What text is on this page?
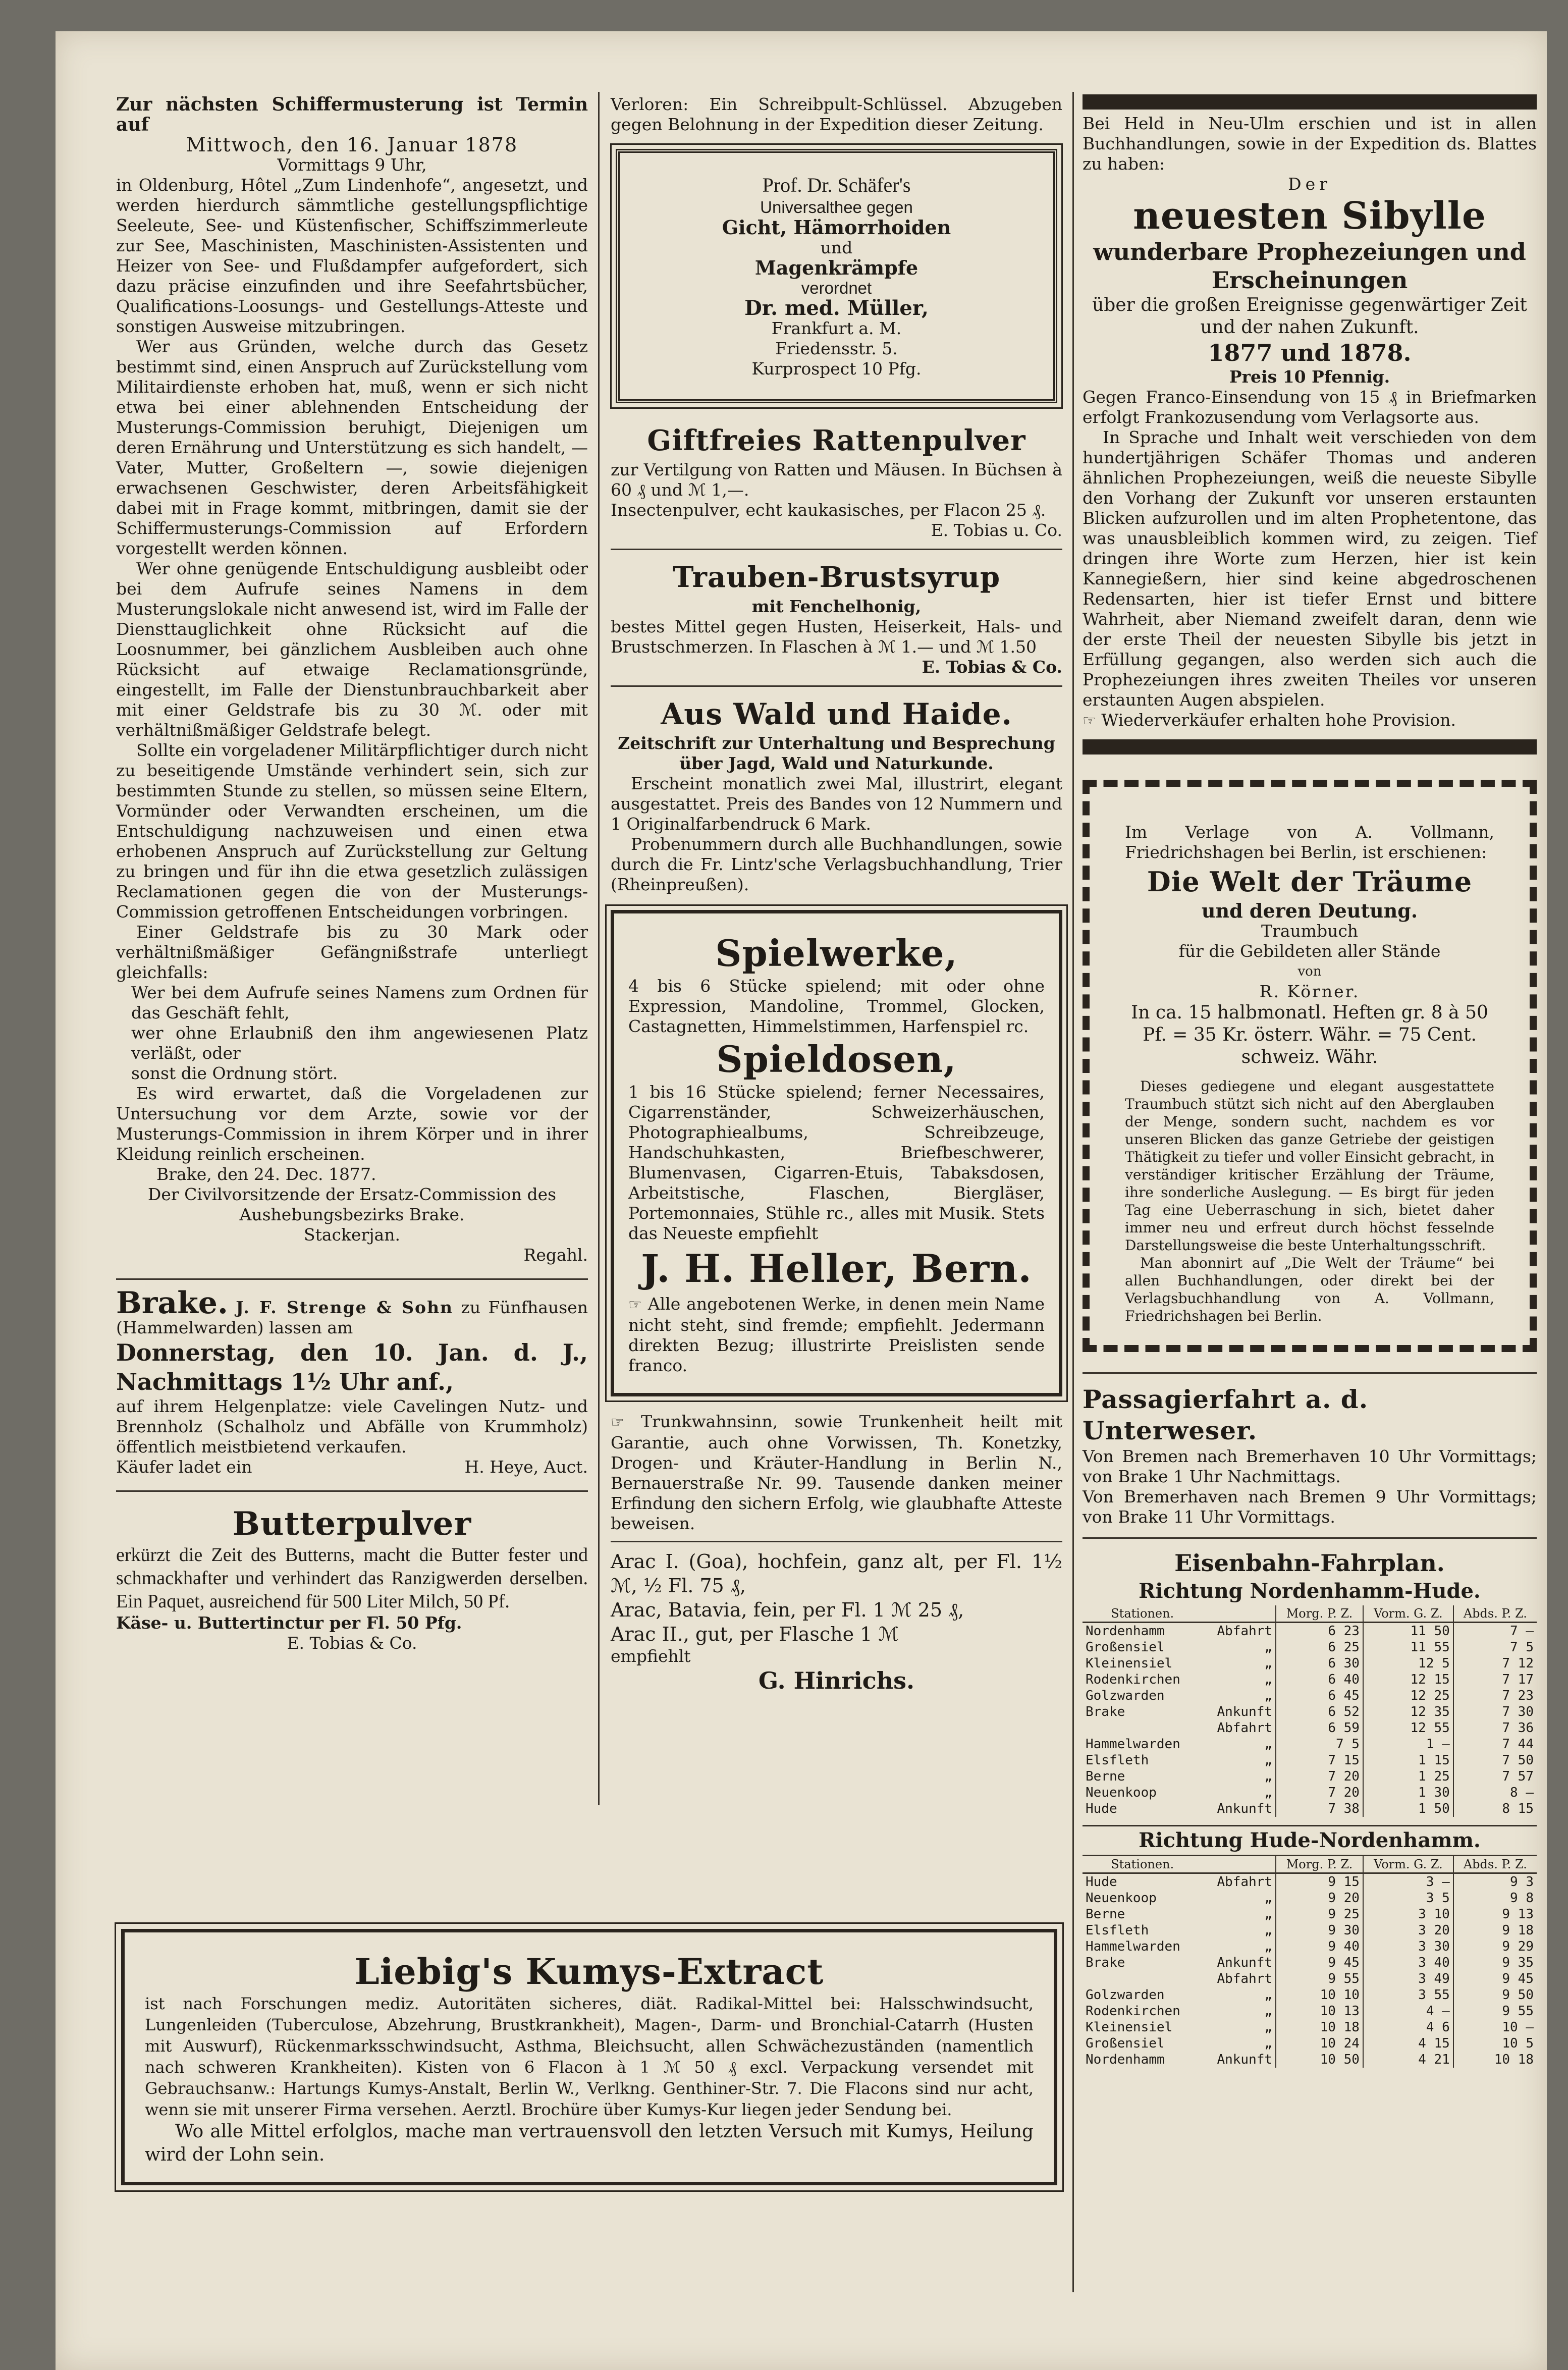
Zur nächsten Schiffermusterung ist Termin auf

Mittwoch, den 16. Januar 1878

Vormittags 9 Uhr,

in Oldenburg, Hôtel „Zum Lindenhofe“, angesetzt, und werden hierdurch sämmtliche gestellungspflichtige Seeleute, See- und Küstenfischer, Schiffszimmerleute zur See, Maschinisten, Maschinisten-Assistenten und Heizer von See- und Flußdampfer aufgefordert, sich dazu präcise einzufinden und ihre Seefahrtsbücher, Qualifications-Loosungs- und Gestellungs-Atteste und sonstigen Ausweise mitzubringen.

Wer aus Gründen, welche durch das Gesetz bestimmt sind, einen Anspruch auf Zurückstellung vom Militairdienste erhoben hat, muß, wenn er sich nicht etwa bei einer ablehnenden Entscheidung der Musterungs-Commission beruhigt, Diejenigen um deren Ernährung und Unterstützung es sich handelt, — Vater, Mutter, Großeltern —, sowie diejenigen erwachsenen Geschwister, deren Arbeitsfähigkeit dabei mit in Frage kommt, mitbringen, damit sie der Schiffermusterungs-Commission auf Erfordern vorgestellt werden können.

Wer ohne genügende Entschuldigung ausbleibt oder bei dem Aufrufe seines Namens in dem Musterungslokale nicht anwesend ist, wird im Falle der Diensttauglichkeit ohne Rücksicht auf die Loosnummer, bei gänzlichem Ausbleiben auch ohne Rücksicht auf etwaige Reclamationsgründe, eingestellt, im Falle der Dienstunbrauchbarkeit aber mit einer Geldstrafe bis zu 30 ℳ. oder mit verhältnißmäßiger Geldstrafe belegt.

Sollte ein vorgeladener Militärpflichtiger durch nicht zu beseitigende Umstände verhindert sein, sich zur bestimmten Stunde zu stellen, so müssen seine Eltern, Vormünder oder Verwandten erscheinen, um die Entschuldigung nachzuweisen und einen etwa erhobenen Anspruch auf Zurückstellung zur Geltung zu bringen und für ihn die etwa gesetzlich zulässigen Reclamationen gegen die von der Musterungs-Commission getroffenen Entscheidungen vorbringen.

Einer Geldstrafe bis zu 30 Mark oder verhältnißmäßiger Gefängnißstrafe unterliegt gleichfalls:

Wer bei dem Aufrufe seines Namens zum Ordnen für das Geschäft fehlt,

wer ohne Erlaubniß den ihm angewiesenen Platz verläßt, oder

sonst die Ordnung stört.

Es wird erwartet, daß die Vorgeladenen zur Untersuchung vor dem Arzte, sowie vor der Musterungs-Commission in ihrem Körper und in ihrer Kleidung reinlich erscheinen.

Brake, den 24. Dec. 1877.

Der Civilvorsitzende der Ersatz-Commission des Aushebungsbezirks Brake.

Stackerjan.

Regahl.

Brake. J. F. Strenge & Sohn zu Fünfhausen (Hammelwarden) lassen am

Donnerstag, den 10. Jan. d. J., Nachmittags 1½ Uhr anf.,

auf ihrem Helgenplatze: viele Cavelingen Nutz- und Brennholz (Schalholz und Abfälle von Krummholz) öffentlich meistbietend verkaufen.

Käufer ladet ein	H. Heye, Auct.

Butterpulver

erkürzt die Zeit des Butterns, macht die Butter fester und schmackhafter und verhindert das Ranzigwerden derselben. Ein Paquet, ausreichend für 500 Liter Milch, 50 Pf.

Käse- u. Buttertinctur per Fl. 50 Pfg.

E. Tobias & Co.

Verloren: Ein Schreibpult-Schlüssel. Abzugeben gegen Belohnung in der Expedition dieser Zeitung.

Prof. Dr. Schäfer's

Universalthee gegen

Gicht, Hämorrhoiden

und

Magenkrämpfe

verordnet

Dr. med. Müller,

Frankfurt a. M.

Friedensstr. 5.

Kurprospect 10 Pfg.

Giftfreies Rattenpulver

zur Vertilgung von Ratten und Mäusen. In Büchsen à 60 ₰ und ℳ 1,—.

Insectenpulver, echt kaukasisches, per Flacon 25 ₰.

E. Tobias u. Co.

Trauben-Brustsyrup

mit Fenchelhonig,

bestes Mittel gegen Husten, Heiserkeit, Hals- und Brustschmerzen. In Flaschen à ℳ 1.— und ℳ 1.50

E. Tobias & Co.

Aus Wald und Haide.

Zeitschrift zur Unterhaltung und Besprechung über Jagd, Wald und Naturkunde.

Erscheint monatlich zwei Mal, illustrirt, elegant ausgestattet. Preis des Bandes von 12 Nummern und 1 Originalfarbendruck 6 Mark.

Probenummern durch alle Buchhandlungen, sowie durch die Fr. Lintz'sche Verlagsbuchhandlung, Trier (Rheinpreußen).

Spielwerke,

4 bis 6 Stücke spielend; mit oder ohne Expression, Mandoline, Trommel, Glocken, Castagnetten, Himmelstimmen, Harfenspiel rc.

Spieldosen,

1 bis 16 Stücke spielend; ferner Necessaires, Cigarrenständer, Schweizerhäuschen, Photographiealbums, Schreibzeuge, Handschuhkasten, Briefbeschwerer, Blumenvasen, Cigarren-Etuis, Tabaksdosen, Arbeitstische, Flaschen, Biergläser, Portemonnaies, Stühle rc., alles mit Musik. Stets das Neueste empfiehlt

J. H. Heller, Bern.

☞ Alle angebotenen Werke, in denen mein Name nicht steht, sind fremde; empfiehlt. Jedermann direkten Bezug; illustrirte Preislisten sende franco.

☞ Trunkwahnsinn, sowie Trunkenheit heilt mit Garantie, auch ohne Vorwissen, Th. Konetzky, Drogen- und Kräuter-Handlung in Berlin N., Bernauerstraße Nr. 99. Tausende danken meiner Erfindung den sichern Erfolg, wie glaubhafte Atteste beweisen.

Arac I. (Goa), hochfein, ganz alt, per Fl. 1½ ℳ, ½ Fl. 75 ₰,

Arac, Batavia, fein, per Fl. 1 ℳ 25 ₰,

Arac II., gut, per Flasche 1 ℳ

empfiehlt

G. Hinrichs.

Bei Held in Neu-Ulm erschien und ist in allen Buchhandlungen, sowie in der Expedition ds. Blattes zu haben:

Der

neuesten Sibylle

wunderbare Prophezeiungen und Erscheinungen

über die großen Ereignisse gegenwärtiger Zeit und der nahen Zukunft.

1877 und 1878.

Preis 10 Pfennig.

Gegen Franco-Einsendung von 15 ₰ in Briefmarken erfolgt Frankozusendung vom Verlagsorte aus.

In Sprache und Inhalt weit verschieden von dem hundertjährigen Schäfer Thomas und anderen ähnlichen Prophezeiungen, weiß die neueste Sibylle den Vorhang der Zukunft vor unseren erstaunten Blicken aufzurollen und im alten Prophetentone, das was unausbleiblich kommen wird, zu zeigen. Tief dringen ihre Worte zum Herzen, hier ist kein Kannegießern, hier sind keine abgedroschenen Redensarten, hier ist tiefer Ernst und bittere Wahrheit, aber Niemand zweifelt daran, denn wie der erste Theil der neuesten Sibylle bis jetzt in Erfüllung gegangen, also werden sich auch die Prophezeiungen ihres zweiten Theiles vor unseren erstaunten Augen abspielen.

☞ Wiederverkäufer erhalten hohe Provision.

Im Verlage von A. Vollmann, Friedrichshagen bei Berlin, ist erschienen:

Die Welt der Träume

und deren Deutung.

Traumbuch

für die Gebildeten aller Stände

von

R. Körner.

In ca. 15 halbmonatl. Heften gr. 8 à 50 Pf. = 35 Kr. österr. Währ. = 75 Cent. schweiz. Währ.

Dieses gediegene und elegant ausgestattete Traumbuch stützt sich nicht auf den Aberglauben der Menge, sondern sucht, nachdem es vor unseren Blicken das ganze Getriebe der geistigen Thätigkeit zu tiefer und voller Einsicht gebracht, in verständiger kritischer Erzählung der Träume, ihre sonderliche Auslegung. — Es birgt für jeden Tag eine Ueberraschung in sich, bietet daher immer neu und erfreut durch höchst fesselnde Darstellungsweise die beste Unterhaltungsschrift.

Man abonnirt auf „Die Welt der Träume“ bei allen Buchhandlungen, oder direkt bei der Verlagsbuchhandlung von A. Vollmann, Friedrichshagen bei Berlin.

Passagierfahrt a. d. Unterweser.

Von Bremen nach Bremerhaven 10 Uhr Vormittags; von Brake 1 Uhr Nachmittags.

Von Bremerhaven nach Bremen 9 Uhr Vormittags; von Brake 11 Uhr Vormittags.

Eisenbahn-Fahrplan.

Richtung Nordenhamm-Hude.

Stationen.		Morg. P. Z.	Vorm. G. Z.	Abds. P. Z.
Nordenhamm	Abfahrt	6 23	11 50	7 —
Großensiel	„	6 25	11 55	7 5
Kleinensiel	„	6 30	12 5	7 12
Rodenkirchen	„	6 40	12 15	7 17
Golzwarden	„	6 45	12 25	7 23
Brake	Ankunft	6 52	12 35	7 30
	Abfahrt	6 59	12 55	7 36
Hammelwarden	„	7 5	1 —	7 44
Elsfleth	„	7 15	1 15	7 50
Berne	„	7 20	1 25	7 57
Neuenkoop	„	7 20	1 30	8 —
Hude	Ankunft	7 38	1 50	8 15

Richtung Hude-Nordenhamm.

Stationen.		Morg. P. Z.	Vorm. G. Z.	Abds. P. Z.
Hude	Abfahrt	9 15	3 —	9 3
Neuenkoop	„	9 20	3 5	9 8
Berne	„	9 25	3 10	9 13
Elsfleth	„	9 30	3 20	9 18
Hammelwarden	„	9 40	3 30	9 29
Brake	Ankunft	9 45	3 40	9 35
	Abfahrt	9 55	3 49	9 45
Golzwarden	„	10 10	3 55	9 50
Rodenkirchen	„	10 13	4 —	9 55
Kleinensiel	„	10 18	4 6	10 —
Großensiel	„	10 24	4 15	10 5
Nordenhamm	Ankunft	10 50	4 21	10 18

Liebig's Kumys-Extract

ist nach Forschungen mediz. Autoritäten sicheres, diät. Radikal-Mittel bei: Halsschwindsucht, Lungenleiden (Tuberculose, Abzehrung, Brustkrankheit), Magen-, Darm- und Bronchial-Catarrh (Husten mit Auswurf), Rückenmarksschwindsucht, Asthma, Bleichsucht, allen Schwächezuständen (namentlich nach schweren Krankheiten). Kisten von 6 Flacon à 1 ℳ 50 ₰ excl. Verpackung versendet mit Gebrauchsanw.: Hartungs Kumys-Anstalt, Berlin W., Verlkng. Genthiner-Str. 7. Die Flacons sind nur acht, wenn sie mit unserer Firma versehen. Aerztl. Brochüre über Kumys-Kur liegen jeder Sendung bei.

Wo alle Mittel erfolglos, mache man vertrauensvoll den letzten Versuch mit Kumys, Heilung wird der Lohn sein.
